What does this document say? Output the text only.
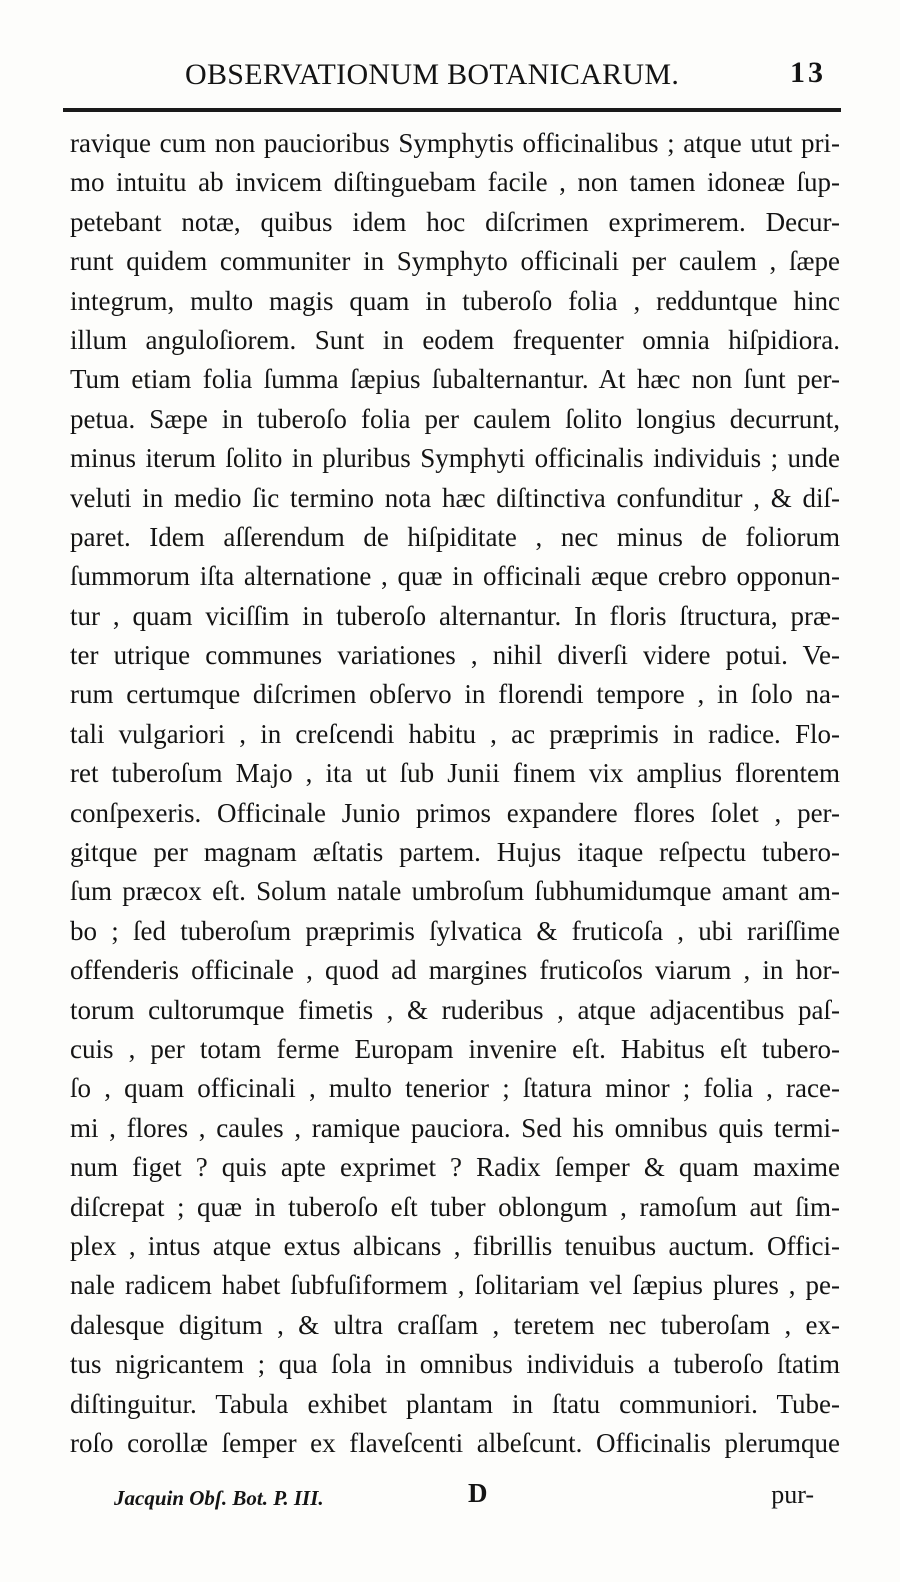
OBSERVATIONUM BOTANICARUM.	13
ravique cum non paucioribus Symphytis officinalibus ; atque utut pri-
mo intuitu ab invicem diſtinguebam facile , non tamen idoneæ ſup-
petebant notæ, quibus idem hoc diſcrimen exprimerem. Decur-
runt quidem communiter in Symphyto officinali per caulem , ſæpe
integrum, multo magis quam in tuberoſo folia , redduntque hinc
illum anguloſiorem. Sunt in eodem frequenter omnia hiſpidiora.
Tum etiam folia ſumma ſæpius ſubalternantur. At hæc non ſunt per-
petua. Sæpe in tuberoſo folia per caulem ſolito longius decurrunt,
minus iterum ſolito in pluribus Symphyti officinalis individuis ; unde
veluti in medio ſic termino nota hæc diſtinctiva confunditur , & diſ-
paret. Idem aſſerendum de hiſpiditate , nec minus de foliorum
ſummorum iſta alternatione , quæ in officinali æque crebro opponun-
tur , quam viciſſim in tuberoſo alternantur. In floris ſtructura, præ-
ter utrique communes variationes , nihil diverſi videre potui. Ve-
rum certumque diſcrimen obſervo in florendi tempore , in ſolo na-
tali vulgariori , in creſcendi habitu , ac præprimis in radice. Flo-
ret tuberoſum Majo , ita ut ſub Junii finem vix amplius florentem
conſpexeris. Officinale Junio primos expandere flores ſolet , per-
gitque per magnam æſtatis partem. Hujus itaque reſpectu tubero-
ſum præcox eſt. Solum natale umbroſum ſubhumidumque amant am-
bo ; ſed tuberoſum præprimis ſylvatica & fruticoſa , ubi rariſſime
offenderis officinale , quod ad margines fruticoſos viarum , in hor-
torum cultorumque fimetis , & ruderibus , atque adjacentibus paſ-
cuis , per totam ferme Europam invenire eſt. Habitus eſt tubero-
ſo , quam officinali , multo tenerior ; ſtatura minor ; folia , race-
mi , flores , caules , ramique pauciora. Sed his omnibus quis termi-
num figet ? quis apte exprimet ? Radix ſemper & quam maxime
diſcrepat ; quæ in tuberoſo eſt tuber oblongum , ramoſum aut ſim-
plex , intus atque extus albicans , fibrillis tenuibus auctum. Offici-
nale radicem habet ſubfuſiformem , ſolitariam vel ſæpius plures , pe-
dalesque digitum , & ultra craſſam , teretem nec tuberoſam , ex-
tus nigricantem ; qua ſola in omnibus individuis a tuberoſo ſtatim
diſtinguitur. Tabula exhibet plantam in ſtatu communiori. Tube-
roſo corollæ ſemper ex flaveſcenti albeſcunt. Officinalis plerumque
Jacquin Obſ. Bot. P. III.	D	pur-
